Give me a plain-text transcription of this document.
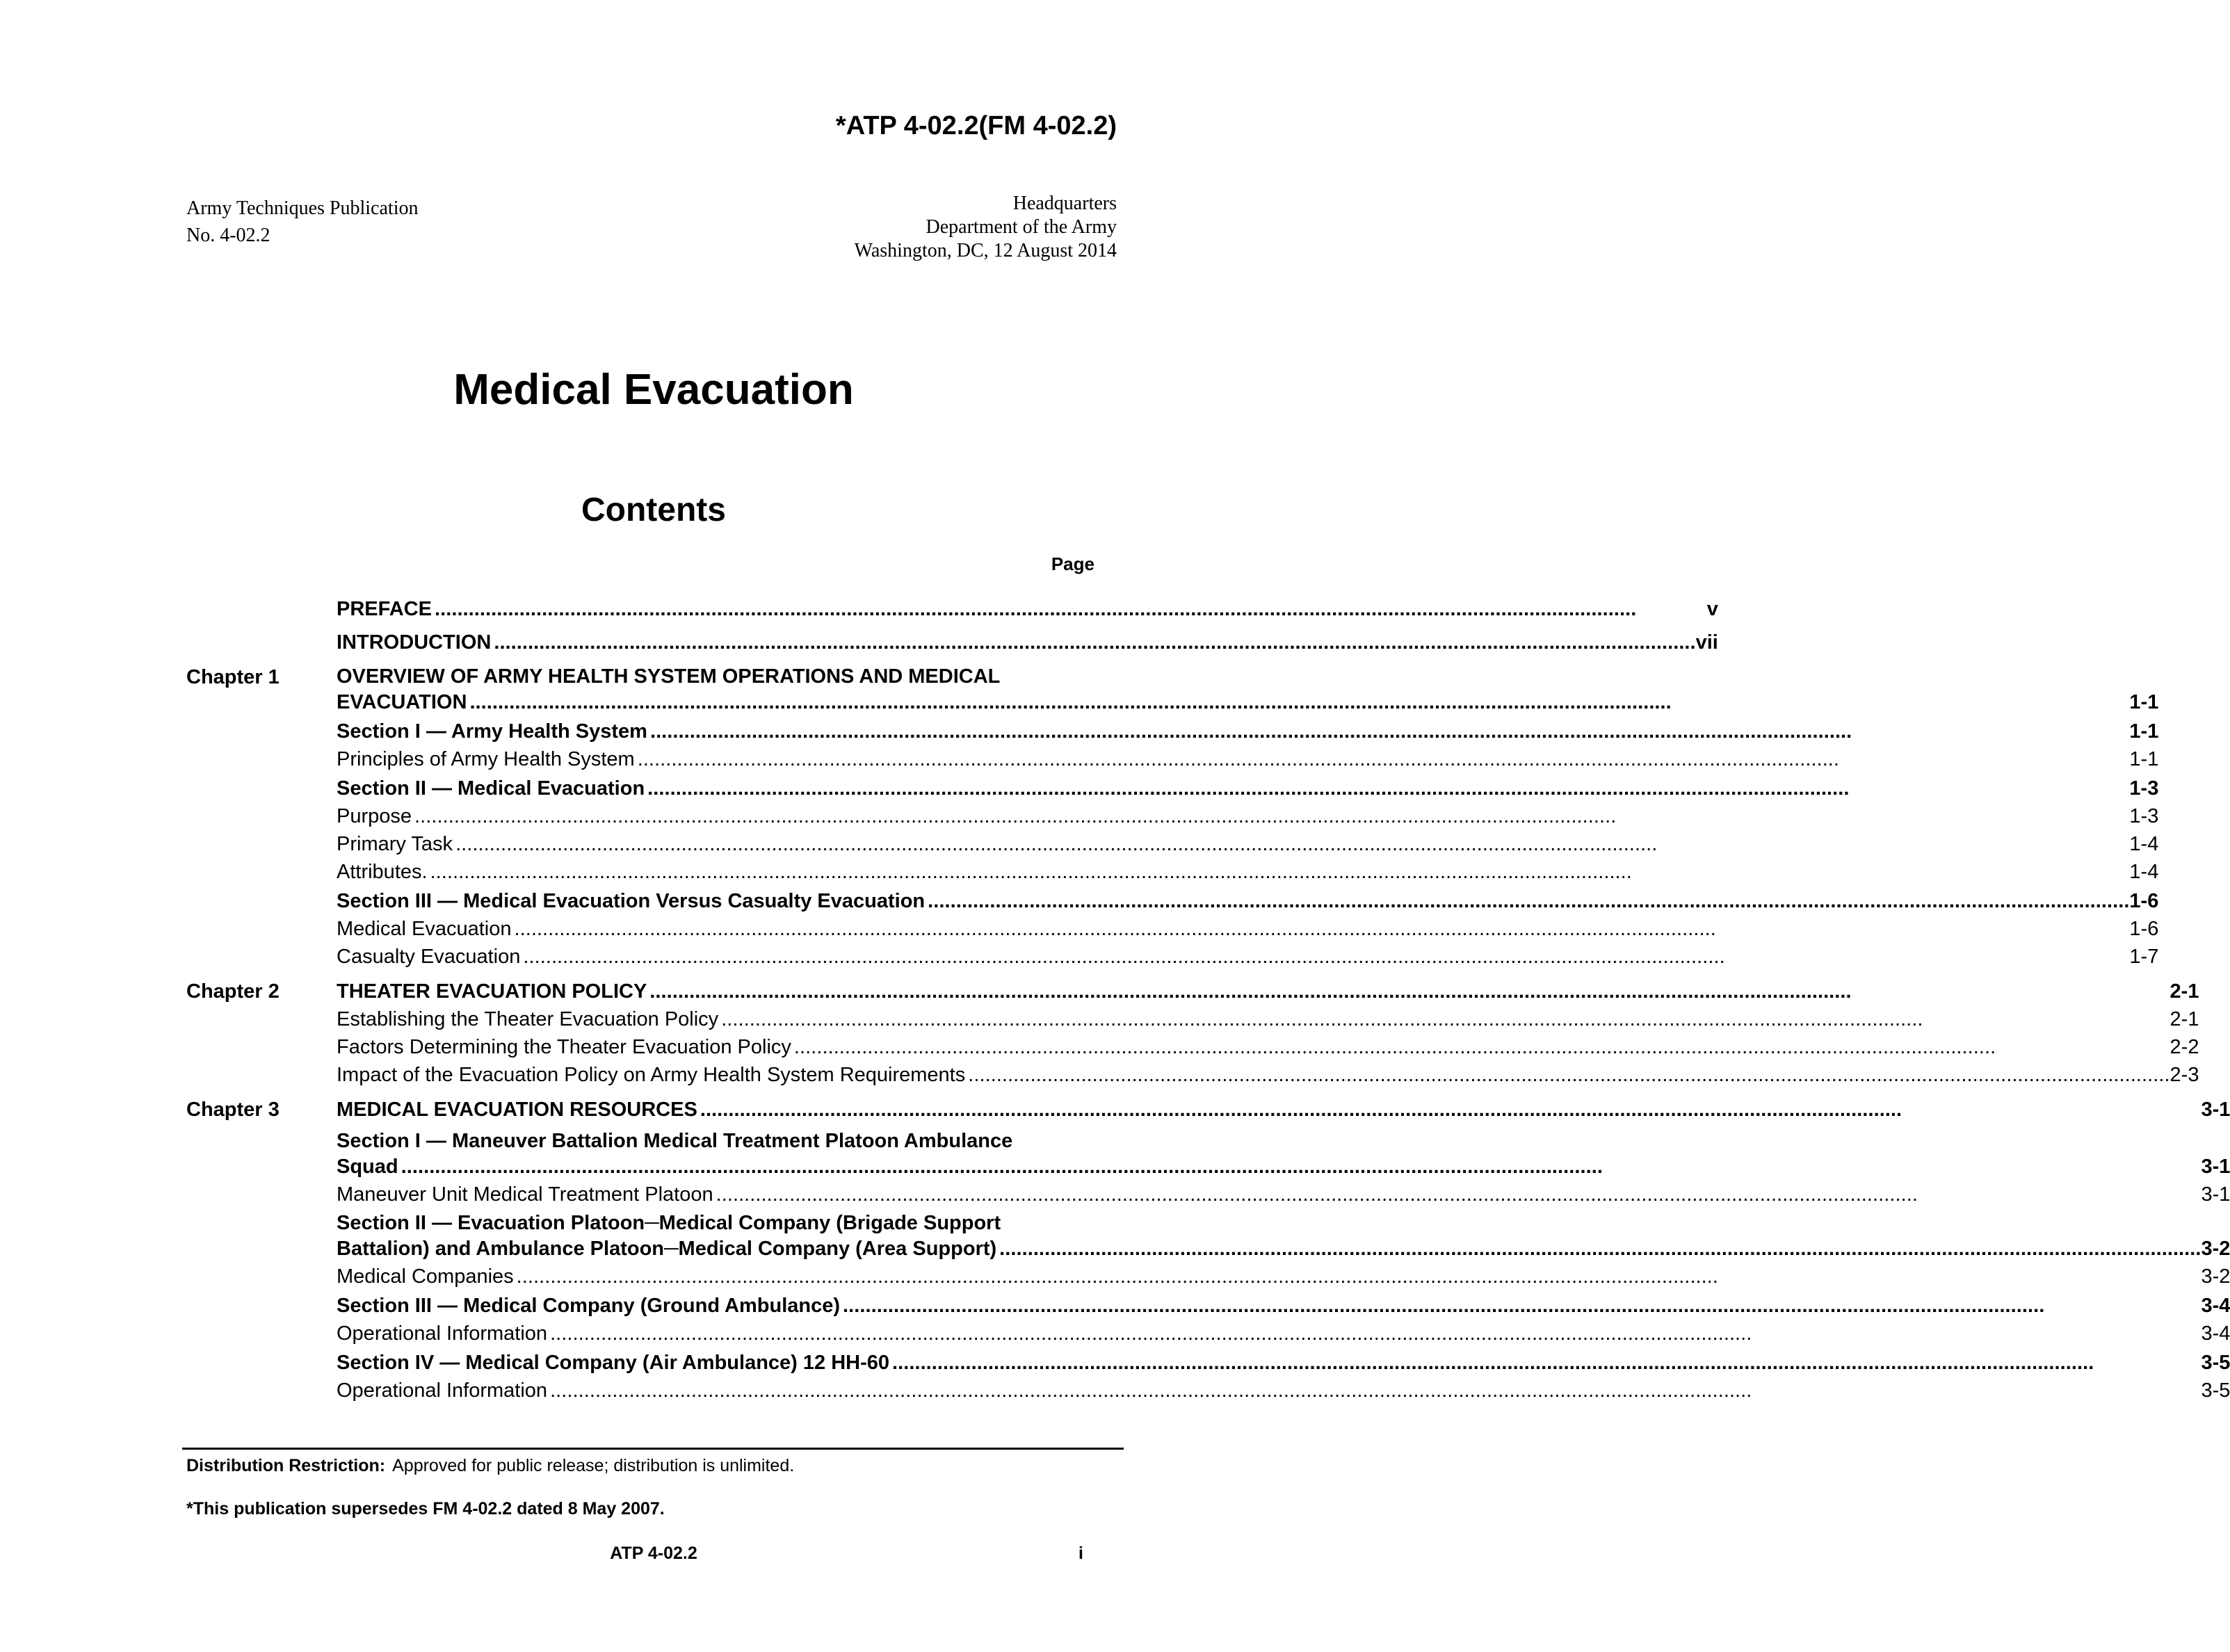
*ATP 4-02.2(FM 4-02.2)
Army Techniques Publication
No. 4-02.2
Headquarters
Department of the Army
Washington, DC, 12 August 2014
Medical Evacuation
Contents
Page
PREFACE . . .	v
INTRODUCTION . . .	vii
Chapter 1	OVERVIEW OF ARMY HEALTH SYSTEM OPERATIONS AND MEDICAL
EVACUATION . . .	1-1
Section I — Army Health System . . .	1-1
Principles of Army Health System . . .	1-1
Section II — Medical Evacuation . . .	1-3
Purpose . . .	1-3
Primary Task . . .	1-4
Attributes. . . .	1-4
Section III — Medical Evacuation Versus Casualty Evacuation . . .	1-6
Medical Evacuation . . .	1-6
Casualty Evacuation . . .	1-7
Chapter 2	THEATER EVACUATION POLICY . . .	2-1
Establishing the Theater Evacuation Policy . . .	2-1
Factors Determining the Theater Evacuation Policy . . .	2-2
Impact of the Evacuation Policy on Army Health System Requirements . . .	2-3
Chapter 3	MEDICAL EVACUATION RESOURCES . . .	3-1
Section I — Maneuver Battalion Medical Treatment Platoon Ambulance
Squad . . .	3-1
Maneuver Unit Medical Treatment Platoon . . .	3-1
Section II — Evacuation Platoon─Medical Company (Brigade Support
Battalion) and Ambulance Platoon─Medical Company (Area Support) . . .	3-2
Medical Companies . . .	3-2
Section III — Medical Company (Ground Ambulance) . . .	3-4
Operational Information . . .	3-4
Section IV — Medical Company (Air Ambulance) 12 HH-60 . . .	3-5
Operational Information . . .	3-5
Distribution Restriction: Approved for public release; distribution is unlimited.
*This publication supersedes FM 4-02.2 dated 8 May 2007.
ATP 4-02.2	i
